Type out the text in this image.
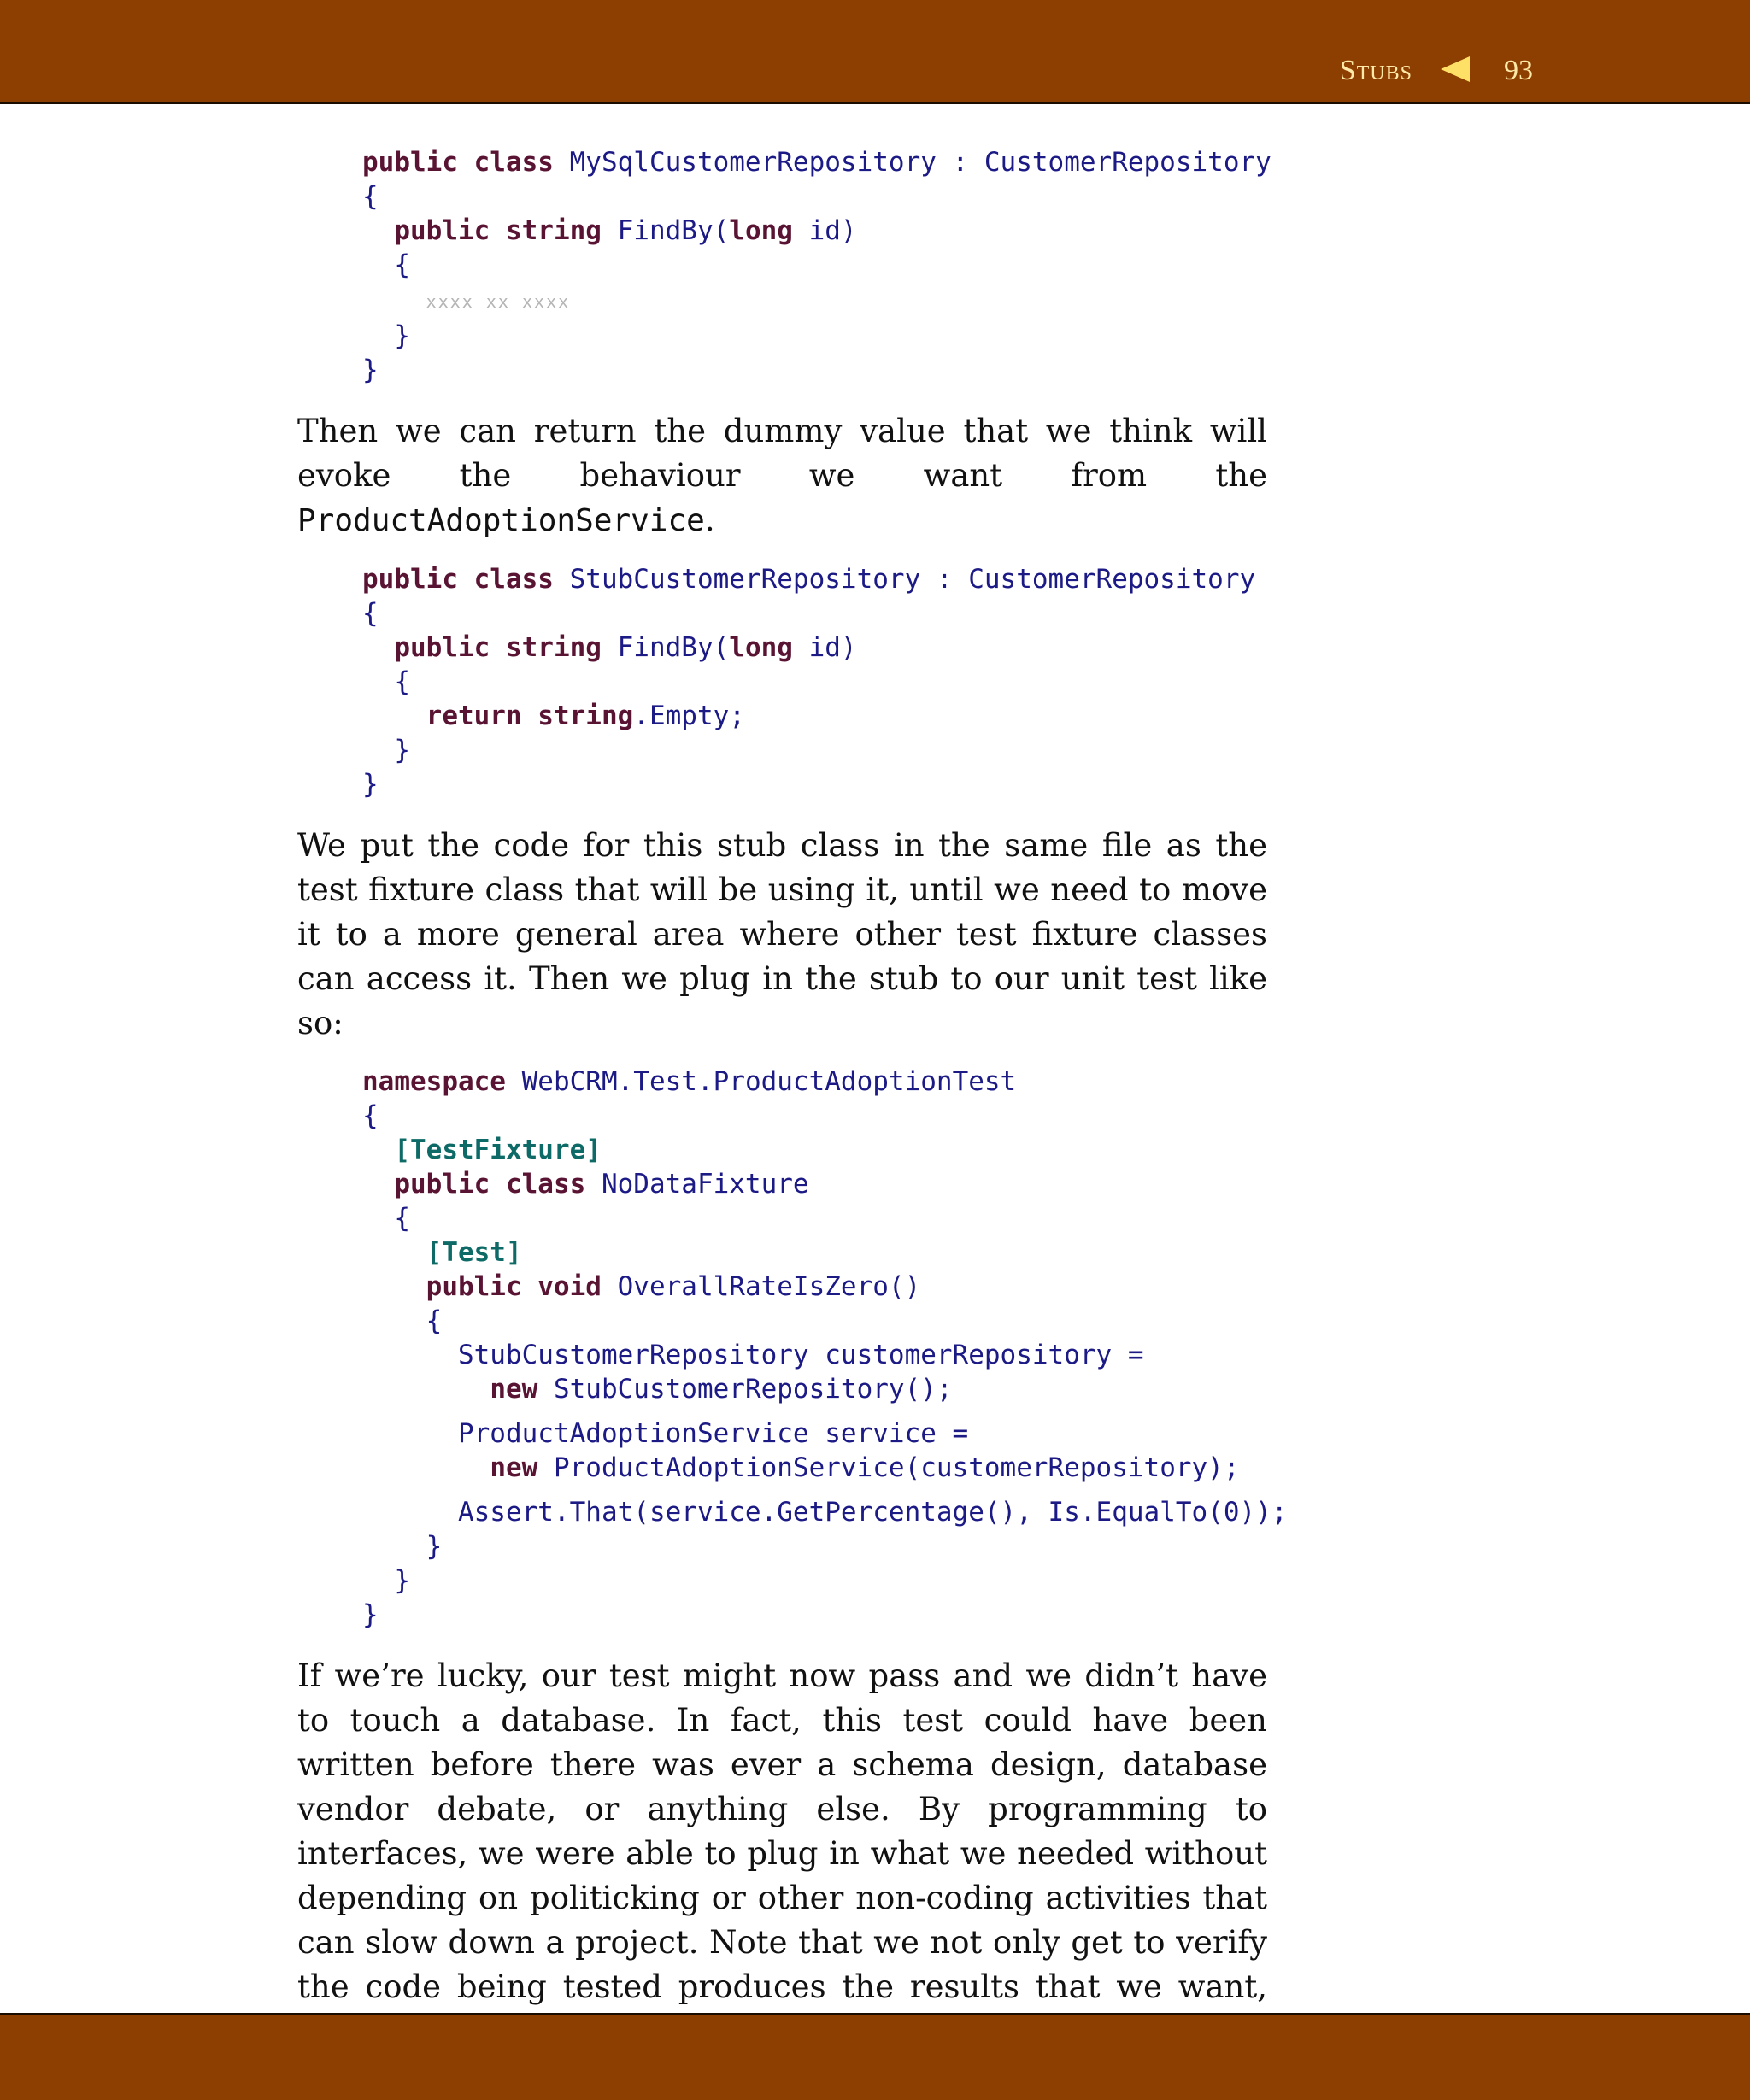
Stubs	93
public class MySqlCustomerRepository : CustomerRepository
{
public string FindBy(long id)
{
xxxx xx xxxx
}
}

Then we can return the dummy value that we think will evoke the behaviour we want from the ProductAdoptionService.

public class StubCustomerRepository : CustomerRepository
{
public string FindBy(long id)
{
return string.Empty;
}
}

We put the code for this stub class in the same file as the test fixture class that will be using it, until we need to move it to a more general area where other test fixture classes can access it. Then we plug in the stub to our unit test like so:

namespace WebCRM.Test.ProductAdoptionTest
{
[TestFixture]
public class NoDataFixture
{
[Test]
public void OverallRateIsZero()
{
StubCustomerRepository customerRepository =
new StubCustomerRepository();
ProductAdoptionService service =
new ProductAdoptionService(customerRepository);
Assert.That(service.GetPercentage(), Is.EqualTo(0));
}
}
}

If we’re lucky, our test might now pass and we didn’t have to touch a database. In fact, this test could have been written before there was ever a schema design, database vendor debate, or anything else. By programming to interfaces, we were able to plug in what we needed without depending on politicking or other non-coding activities that can slow down a project. Note that we not only get to verify the code being tested produces the results that we want,
